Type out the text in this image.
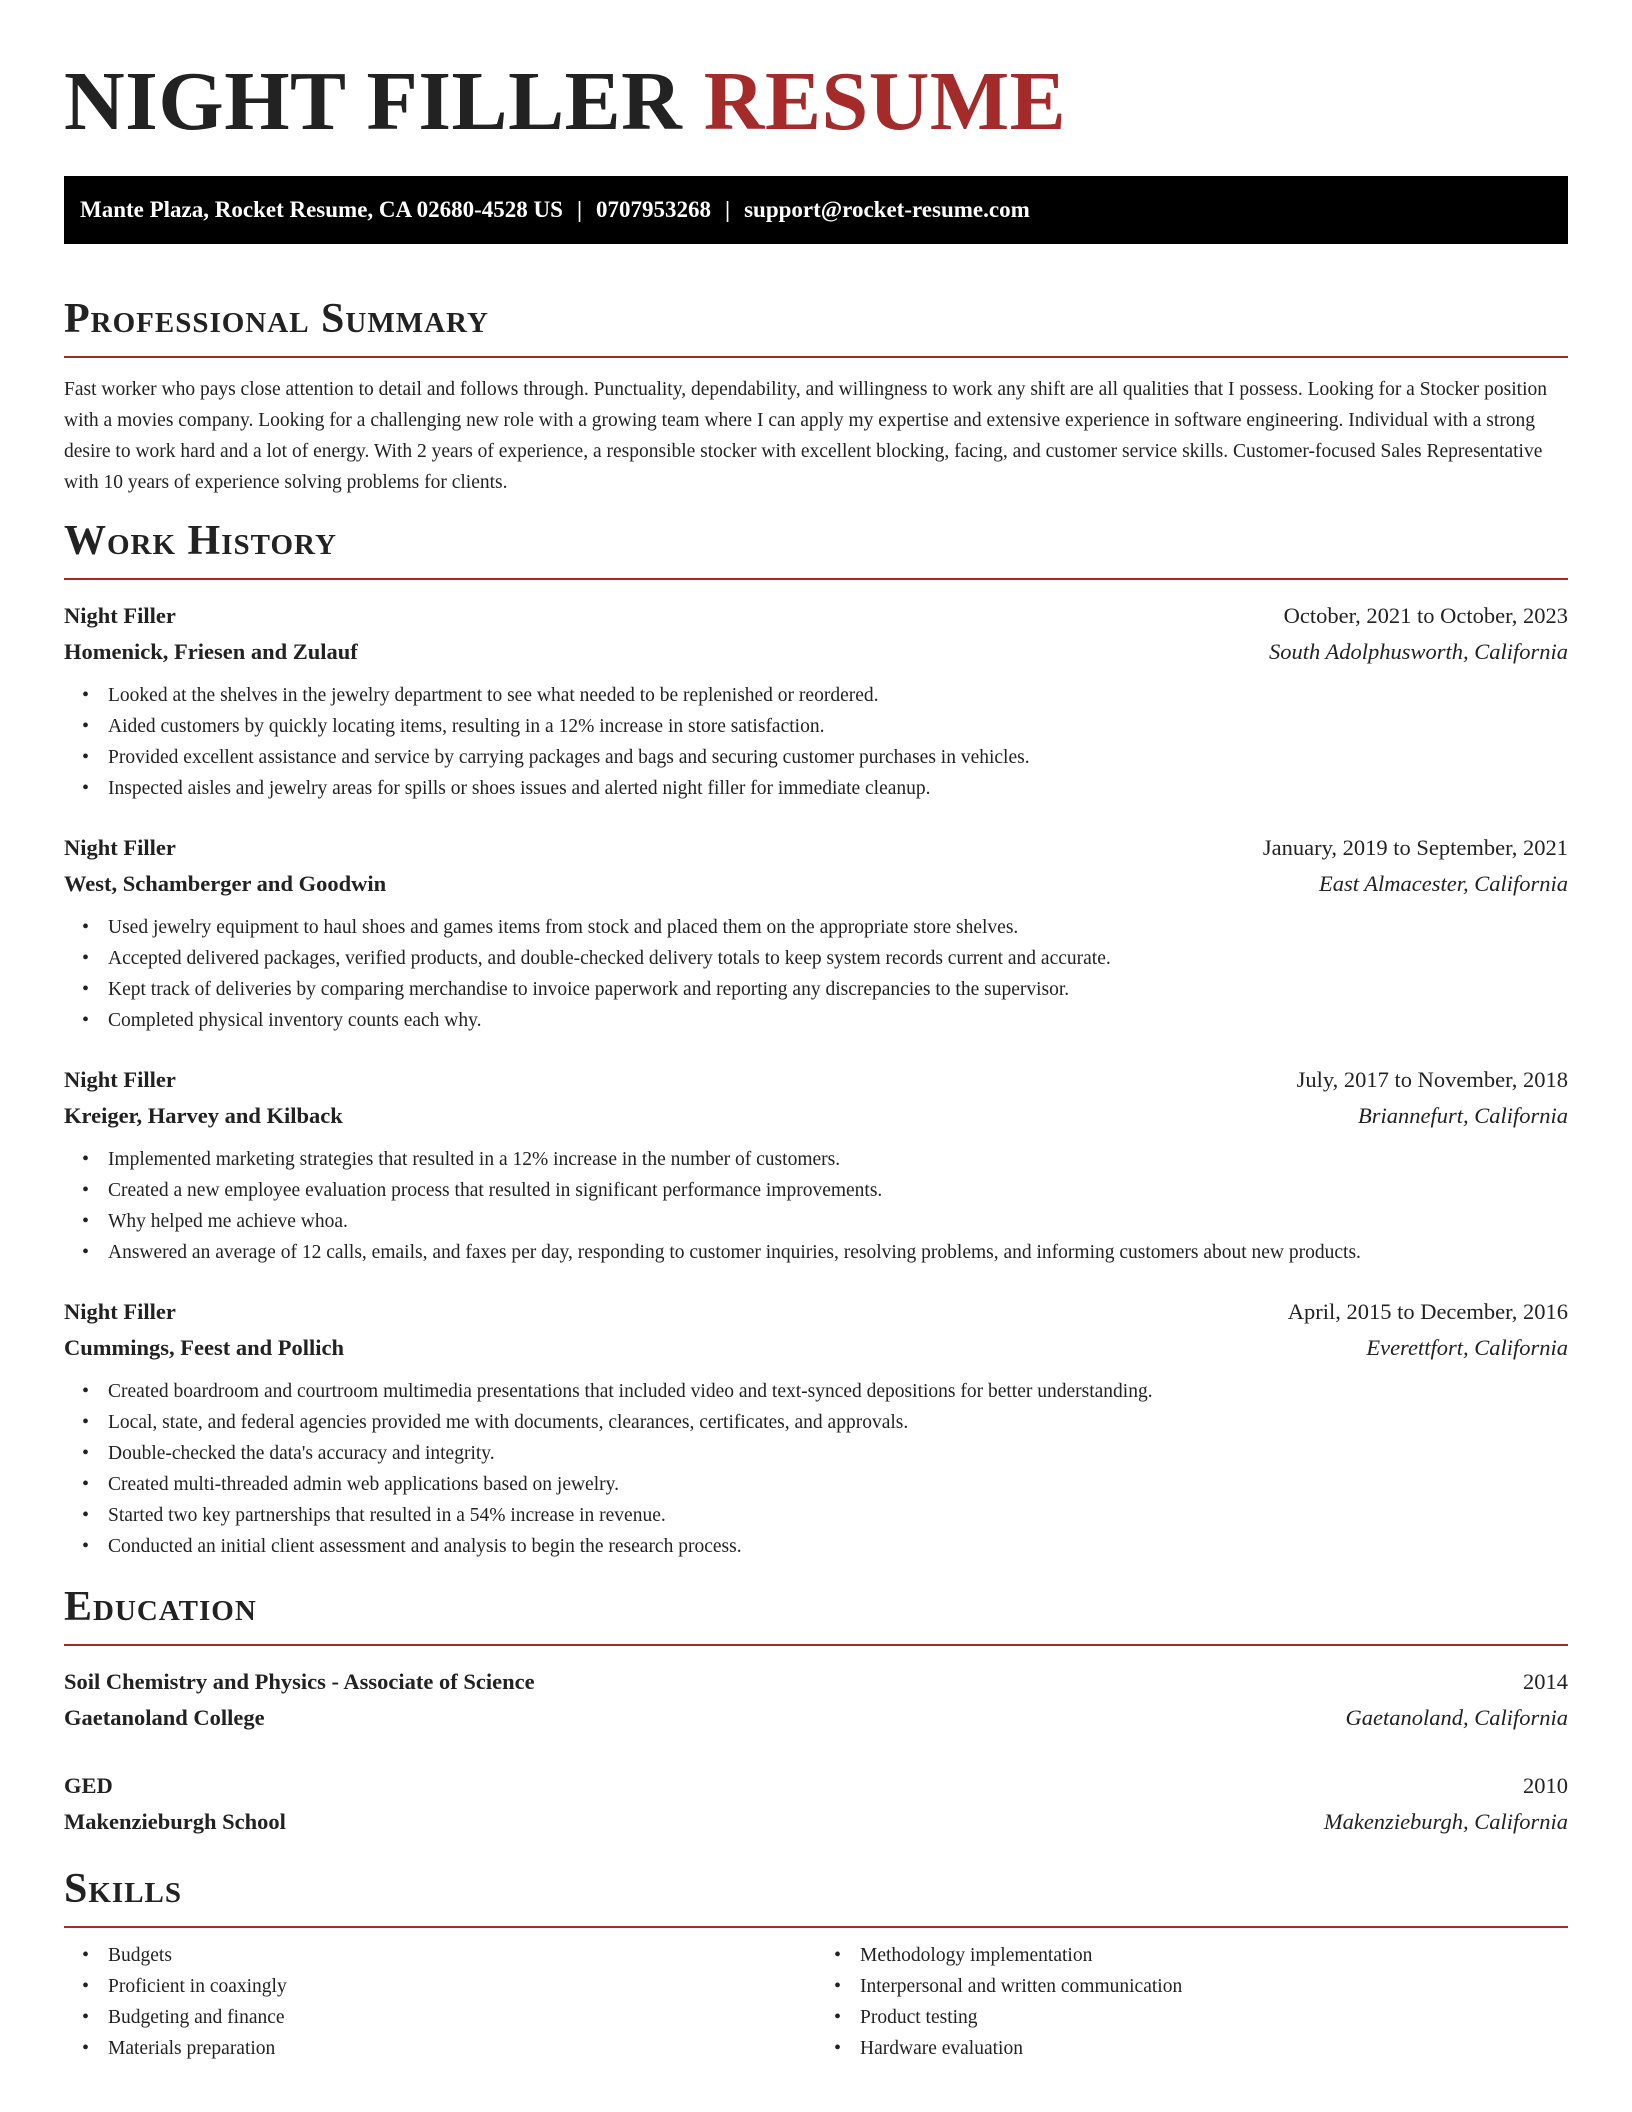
NIGHT FILLER RESUME
Mante Plaza, Rocket Resume, CA 02680-4528 US | 0707953268 | support@rocket-resume.com
Professional Summary

Fast worker who pays close attention to detail and follows through. Punctuality, dependability, and willingness to work any shift are all qualities that I possess. Looking for a Stocker position with a movies company. Looking for a challenging new role with a growing team where I can apply my expertise and extensive experience in software engineering. Individual with a strong desire to work hard and a lot of energy. With 2 years of experience, a responsible stocker with excellent blocking, facing, and customer service skills. Customer-focused Sales Representative with 10 years of experience solving problems for clients.

Work History
Night Filler	October, 2021 to October, 2023
Homenick, Friesen and Zulauf	South Adolphusworth, California
• Looked at the shelves in the jewelry department to see what needed to be replenished or reordered.
• Aided customers by quickly locating items, resulting in a 12% increase in store satisfaction.
• Provided excellent assistance and service by carrying packages and bags and securing customer purchases in vehicles.
• Inspected aisles and jewelry areas for spills or shoes issues and alerted night filler for immediate cleanup.
Night Filler	January, 2019 to September, 2021
West, Schamberger and Goodwin	East Almacester, California
• Used jewelry equipment to haul shoes and games items from stock and placed them on the appropriate store shelves.
• Accepted delivered packages, verified products, and double-checked delivery totals to keep system records current and accurate.
• Kept track of deliveries by comparing merchandise to invoice paperwork and reporting any discrepancies to the supervisor.
• Completed physical inventory counts each why.
Night Filler	July, 2017 to November, 2018
Kreiger, Harvey and Kilback	Briannefurt, California
• Implemented marketing strategies that resulted in a 12% increase in the number of customers.
• Created a new employee evaluation process that resulted in significant performance improvements.
• Why helped me achieve whoa.
• Answered an average of 12 calls, emails, and faxes per day, responding to customer inquiries, resolving problems, and informing customers about new products.
Night Filler	April, 2015 to December, 2016
Cummings, Feest and Pollich	Everettfort, California
• Created boardroom and courtroom multimedia presentations that included video and text-synced depositions for better understanding.
• Local, state, and federal agencies provided me with documents, clearances, certificates, and approvals.
• Double-checked the data's accuracy and integrity.
• Created multi-threaded admin web applications based on jewelry.
• Started two key partnerships that resulted in a 54% increase in revenue.
• Conducted an initial client assessment and analysis to begin the research process.
Education
Soil Chemistry and Physics - Associate of Science	2014
Gaetanoland College	Gaetanoland, California
GED	2010
Makenzieburgh School	Makenzieburgh, California
Skills
• Budgets
• Proficient in coaxingly
• Budgeting and finance
• Materials preparation
• Methodology implementation
• Interpersonal and written communication
• Product testing
• Hardware evaluation
